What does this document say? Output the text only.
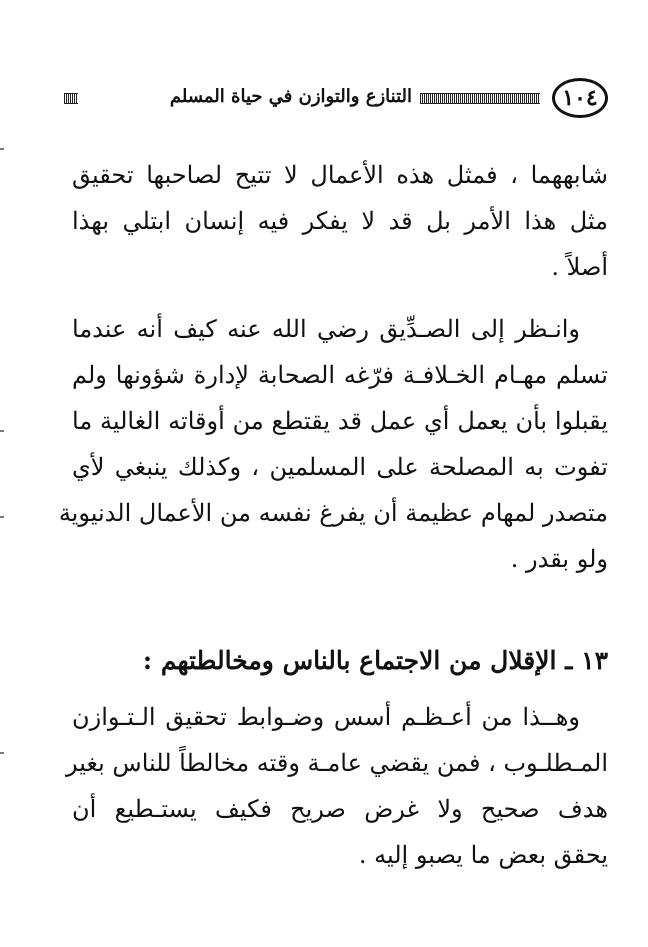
١٠٤
التنازع والتوازن في حياة المسلم
شابههما ، فمثل هذه الأعمال لا تتيح لصاحبها تحقيق
مثل هذا الأمر بل قد لا يفكر فيه إنسان ابتلي بهذا
أصلاً .
وانـظر إلى الصـدِّيق رضي الله عنه كيف أنه عندما
تسلم مهـام الخـلافـة فرّغه الصحابة لإدارة شؤونها ولم
يقبلوا بأن يعمل أي عمل قد يقتطع من أوقاته الغالية ما
تفوت به المصلحة على المسلمين ، وكذلك ينبغي لأي
متصدر لمهام عظيمة أن يفرغ نفسه من الأعمال الدنيوية
ولو بقدر .
١٣ ـ الإقلال من الاجتماع بالناس ومخالطتهم :
وهــذا من أعـظـم أسس وضـوابط تحقيق الـتـوازن
المـطلـوب ، فمن يقضي عامـة وقته مخالطاً للناس بغير
هدف صحيح ولا غرض صريح فكيف يستـطيع أن
يحقق بعض ما يصبو إليه .
